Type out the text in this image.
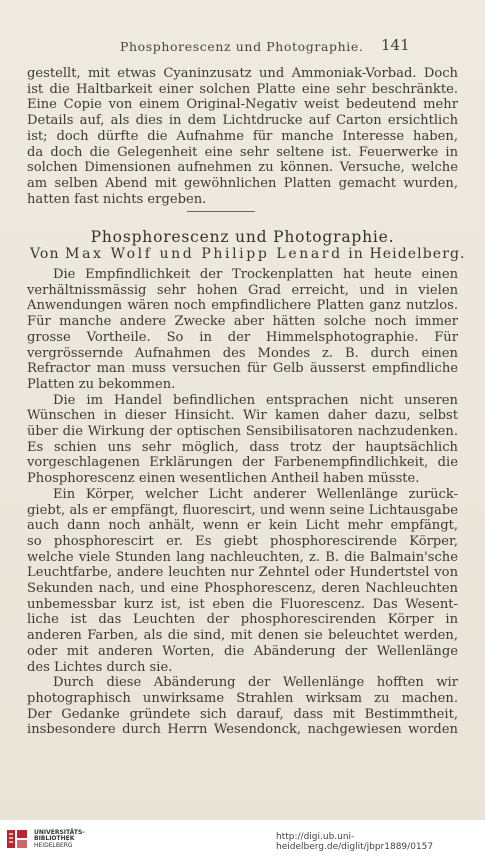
Phosphorescenz und Photographie. 141

gestellt, mit etwas Cyaninzusatz und Ammoniak-Vorbad. Doch

ist die Haltbarkeit einer solchen Platte eine sehr beschränkte.

Eine Copie von einem Original-Negativ weist bedeutend mehr

Details auf, als dies in dem Lichtdrucke auf Carton ersichtlich

ist; doch dürfte die Aufnahme für manche Interesse haben,

da doch die Gelegenheit eine sehr seltene ist. Feuerwerke in

solchen Dimensionen aufnehmen zu können. Versuche, welche

am selben Abend mit gewöhnlichen Platten gemacht wurden,

hatten fast nichts ergeben.

Phosphorescenz und Photographie.
Von Max Wolf und Philipp Lenard in Heidelberg.

Die Empfindlichkeit der Trockenplatten hat heute einen

verhältnissmässig sehr hohen Grad erreicht, und in vielen

Anwendungen wären noch empfindlichere Platten ganz nutzlos.

Für manche andere Zwecke aber hätten solche noch immer

grosse Vortheile. So in der Himmelsphotographie. Für

vergrössernde Aufnahmen des Mondes z. B. durch einen

Refractor man muss versuchen für Gelb äusserst empfindliche

Platten zu bekommen.

Die im Handel befindlichen entsprachen nicht unseren

Wünschen in dieser Hinsicht. Wir kamen daher dazu, selbst

über die Wirkung der optischen Sensibilisatoren nachzudenken.

Es schien uns sehr möglich, dass trotz der hauptsächlich

vorgeschlagenen Erklärungen der Farbenempfindlichkeit, die

Phosphorescenz einen wesentlichen Antheil haben müsste.

Ein Körper, welcher Licht anderer Wellenlänge zurück-

giebt, als er empfängt, fluorescirt, und wenn seine Lichtausgabe

auch dann noch anhält, wenn er kein Licht mehr empfängt,

so phosphorescirt er. Es giebt phosphorescirende Körper,

welche viele Stunden lang nachleuchten, z. B. die Balmain'sche

Leuchtfarbe, andere leuchten nur Zehntel oder Hundertstel von

Sekunden nach, und eine Phosphorescenz, deren Nachleuchten

unbemessbar kurz ist, ist eben die Fluorescenz. Das Wesent-

liche ist das Leuchten der phosphorescirenden Körper in

anderen Farben, als die sind, mit denen sie beleuchtet werden,

oder mit anderen Worten, die Abänderung der Wellenlänge

des Lichtes durch sie.

Durch diese Abänderung der Wellenlänge hofften wir

photographisch unwirksame Strahlen wirksam zu machen.

Der Gedanke gründete sich darauf, dass mit Bestimmtheit,

insbesondere durch Herrn Wesendonck, nachgewiesen worden

UNIVERSITÄTS-
BIBLIOTHEK
HEIDELBERG
http://digi.ub.uni-heidelberg.de/diglit/jbpr1889/0157
